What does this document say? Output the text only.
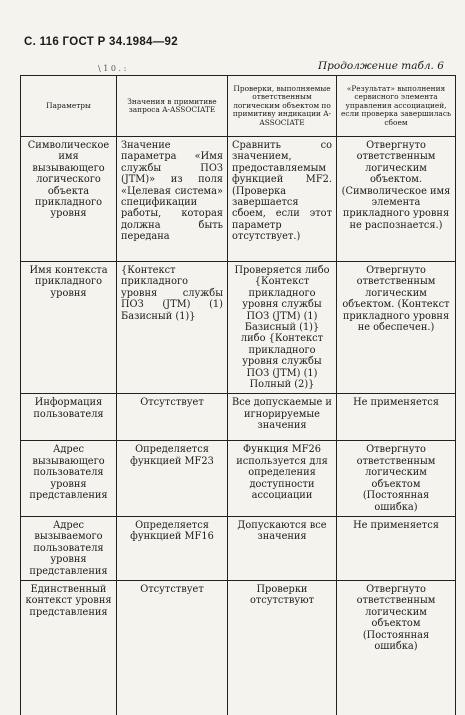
С. 116 ГОСТ Р 34.1984—92
\ 1 0 . :	Продолжение табл. 6
Параметры	Значения в примитиве запроса A-ASSOCIATE	Проверки, выполняемые ответственным логическим объектом по примитиву индикации A-ASSOCIATE	«Результат» выполнения сервисного элемента управления ассоциацией, если проверка завершилась сбоем
Символическое имя вызывающего логического объекта прикладного уровня	Значение параметра «Имя службы ПОЗ (JTM)» из поля «Целевая система» спецификации работы, которая должна быть передана	Сравнить со значением, предоставляемым функцией MF2. (Проверка завершается сбоем, если этот параметр отсутствует.)	Отвергнуто ответственным логическим объектом. (Символическое имя элемента прикладного уровня не распознается.)
Имя контекста прикладного уровня	{Контекст прикладного уровня службы ПОЗ (JTM) (1) Базисный (1)}	Проверяется либо {Контекст прикладного уровня службы ПОЗ (JTM) (1) Базисный (1)} либо {Контекст прикладного уровня службы ПОЗ (JTM) (1) Полный (2)}	Отвергнуто ответственным логическим объектом. (Контекст прикладного уровня не обеспечен.)
Информация пользователя	Отсутствует	Все допускаемые и игнорируемые значения	Не применяется
Адрес вызывающего пользователя уровня представления	Определяется функцией MF23	Функция MF26 используется для определения доступности ассоциации	Отвергнуто ответственным логическим объектом (Постоянная ошибка)
Адрес вызываемого пользователя уровня представления	Определяется функцией MF16	Допускаются все значения	Не применяется
Единственный контекст уровня представления	Отсутствует	Проверки отсутствуют	Отвергнуто ответственным логическим объектом (Постоянная ошибка)
